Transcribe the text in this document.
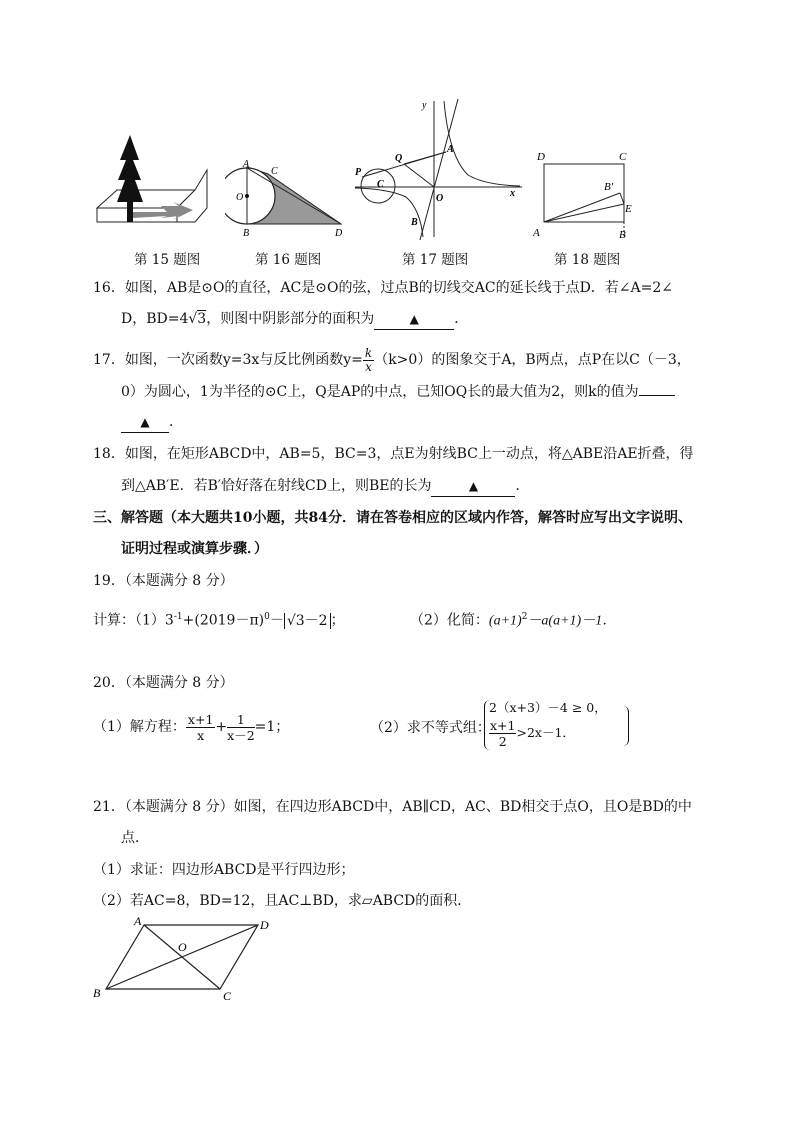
第 15 题图
A
C
O
B	D
第 16 题图
y
A
Q
P
C
O	x
B
第 17 题图
D	C
B′
E
A	B
第 18 题图
16．如图，AB是⊙O的直径，AC是⊙O的弦，过点B的切线交AC的延长线于点D．若∠A=2∠
D，BD=4√3，则图中阴影部分的面积为	▲	．
17．如图，一次函数y=3x与反比例函数$y= \frac{k}{x} (k>0)$的图象交于A，B两点，点P在以C（－3，
0）为圆心，1为半径的⊙C上，Q是AP的中点，已知OQ长的最大值为2，则k的值为
▲ ．
18．如图，在矩形ABCD中，AB=5，BC=3，点E为射线BC上一动点，将△ABE沿AE折叠，得
到△AB′E．若B′恰好落在射线CD上，则BE的长为	▲	．
三、解答题（本大题共10小题，共84分．请在答卷相应的区域内作答，解答时应写出文字说明、
证明过程或演算步骤．）
19．（本题满分 8 分）
计算：$(1)3^{-1}+(2019-\pi)^0- √3-2$ ；	（2）化简：$(a+1)^2-a(a+1)-1$．
20．（本题满分 8 分）
（1）解方程： $\frac{x+1}{x} + \frac{1}{x-2} =1$；	（2）求不等式组：
2（x+3）－4 ≥ 0，
$\frac{x+1}{2} >2x-1$．
21．（本题满分 8 分）如图，在四边形ABCD中，AB∥CD，AC、BD相交于点O，且O是BD的中
点．
（1）求证：四边形ABCD是平行四边形；
（2）若AC=8，BD=12，且AC⊥BD，求▱ABCD的面积．
A	D
O
B	C
